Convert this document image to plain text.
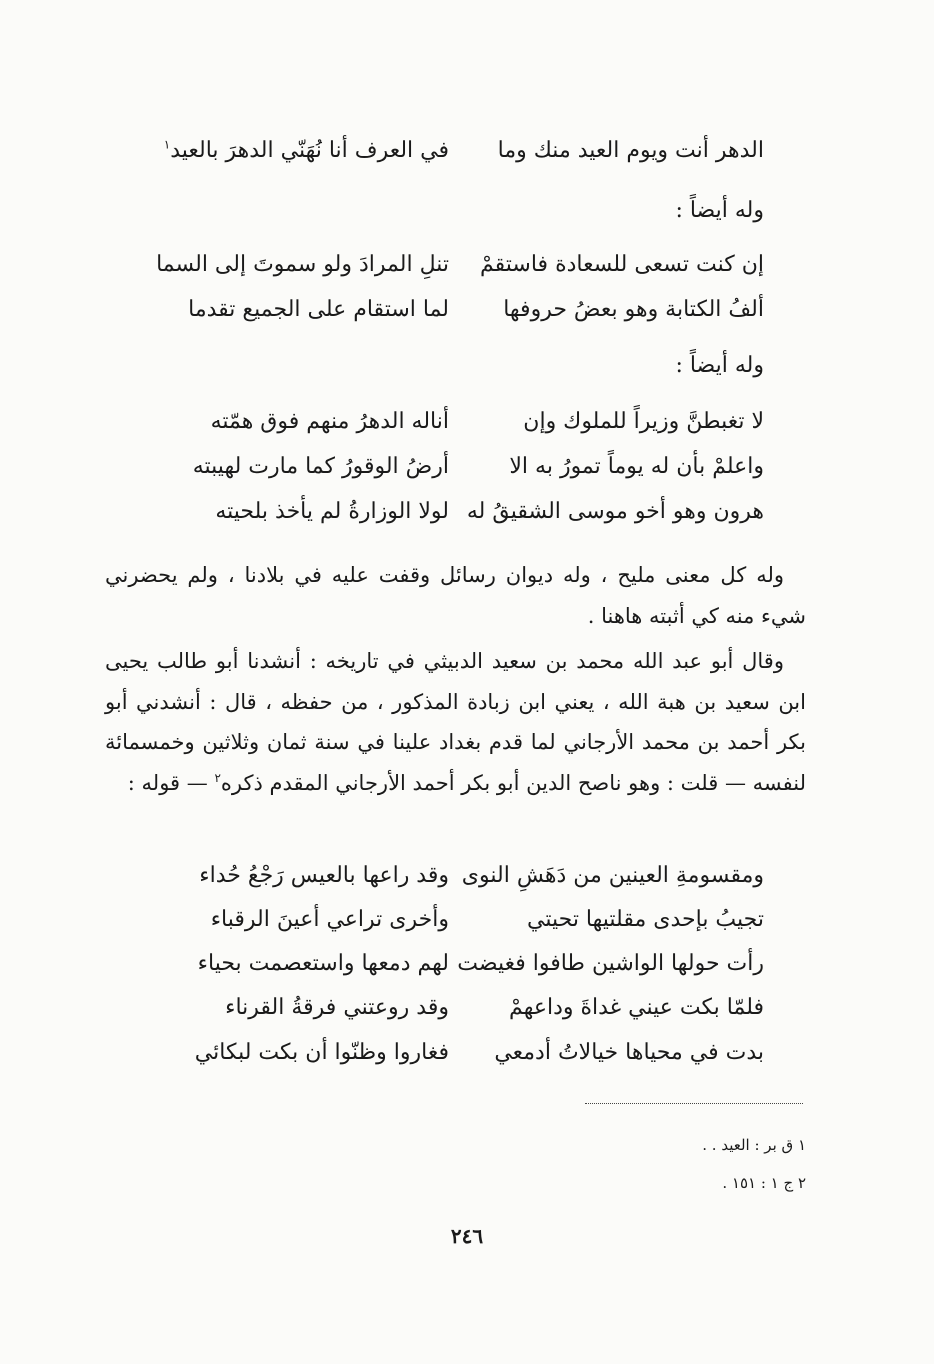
الدهر أنت ويوم العيد منك وما
في العرف أنا نُهَنّي الدهرَ بالعيد$^١$
وله أيضاً :
إن كنت تسعى للسعادة فاستقمْ
تنلِ المرادَ ولو سموتَ إلى السما
ألفُ الكتابة وهو بعضُ حروفها
لما استقام على الجميع تقدما
وله أيضاً :
لا تغبطنَّ وزيراً للملوك وإن
أناله الدهرُ منهم فوق همّته
واعلمْ بأن له يوماً تمورُ به الا
أرضُ الوقورُ كما مارت لهيبته
هرون وهو أخو موسى الشقيقُ له
لولا الوزارةُ لم يأخذ بلحيته

وله كل معنى مليح ، وله ديوان رسائل وقفت عليه في بلادنا ، ولم يحضرني شيء منه كي أثبته هاهنا .

وقال أبو عبد الله محمد بن سعيد الدبيثي في تاريخه : أنشدنا أبو طالب يحيى ابن سعيد بن هبة الله ، يعني ابن زبادة المذكور ، من حفظه ، قال : أنشدني أبو بكر أحمد بن محمد الأرجاني لما قدم بغداد علينا في سنة ثمان وثلاثين وخمسمائة لنفسه — قلت : وهو ناصح الدين أبو بكر أحمد الأرجاني المقدم ذكره$^٢$ — قوله :

ومقسومةِ العينين من دَهَشِ النوى
وقد راعها بالعيس رَجْعُ حُداء
تجيبُ بإحدى مقلتيها تحيتي
وأخرى تراعي أعينَ الرقباء
رأت حولها الواشين طافوا فغيضت
لهم دمعها واستعصمت بحياء
فلمّا بكت عيني غداةَ وداعهمْ
وقد روعتني فرقةُ القرناء
بدت في محياها خيالاتُ أدمعي
فغاروا وظنّوا أن بكت لبكائي
١ ق بر : العيد . .
٢ ج ١ : ١٥١ .
٢٤٦
